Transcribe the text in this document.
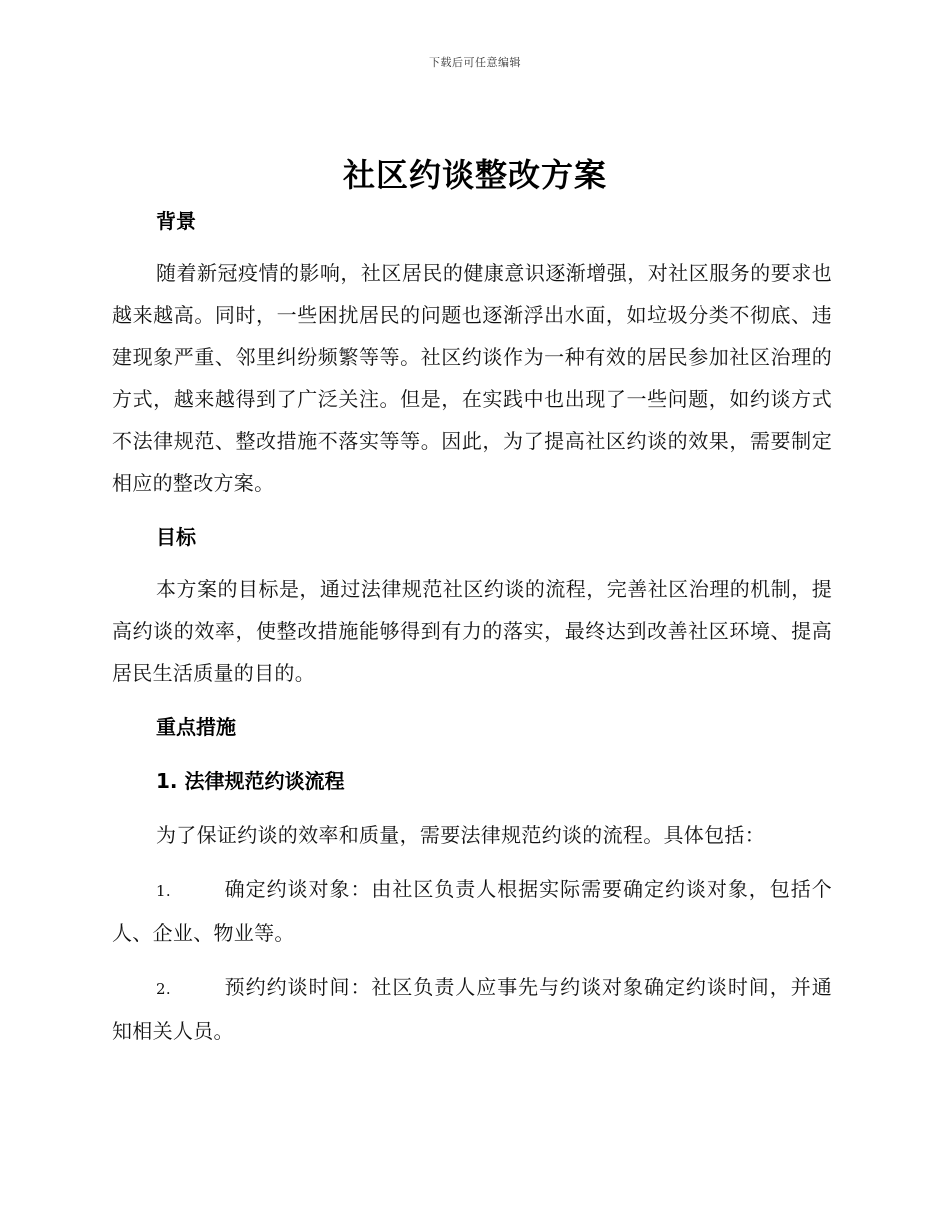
下载后可任意编辑
社区约谈整改方案
背景

随着新冠疫情的影响，社区居民的健康意识逐渐增强，对社区服务的要求也越来越高。同时，一些困扰居民的问题也逐渐浮出水面，如垃圾分类不彻底、违建现象严重、邻里纠纷频繁等等。社区约谈作为一种有效的居民参加社区治理的方式，越来越得到了广泛关注。但是，在实践中也出现了一些问题，如约谈方式不法律规范、整改措施不落实等等。因此，为了提高社区约谈的效果，需要制定相应的整改方案。

目标

本方案的目标是，通过法律规范社区约谈的流程，完善社区治理的机制，提高约谈的效率，使整改措施能够得到有力的落实，最终达到改善社区环境、提高居民生活质量的目的。

重点措施
1. 法律规范约谈流程

为了保证约谈的效率和质量，需要法律规范约谈的流程。具体包括：

1.	确定约谈对象：由社区负责人根据实际需要确定约谈对象，包括个人、企业、物业等。

2.	预约约谈时间：社区负责人应事先与约谈对象确定约谈时间，并通知相关人员。
